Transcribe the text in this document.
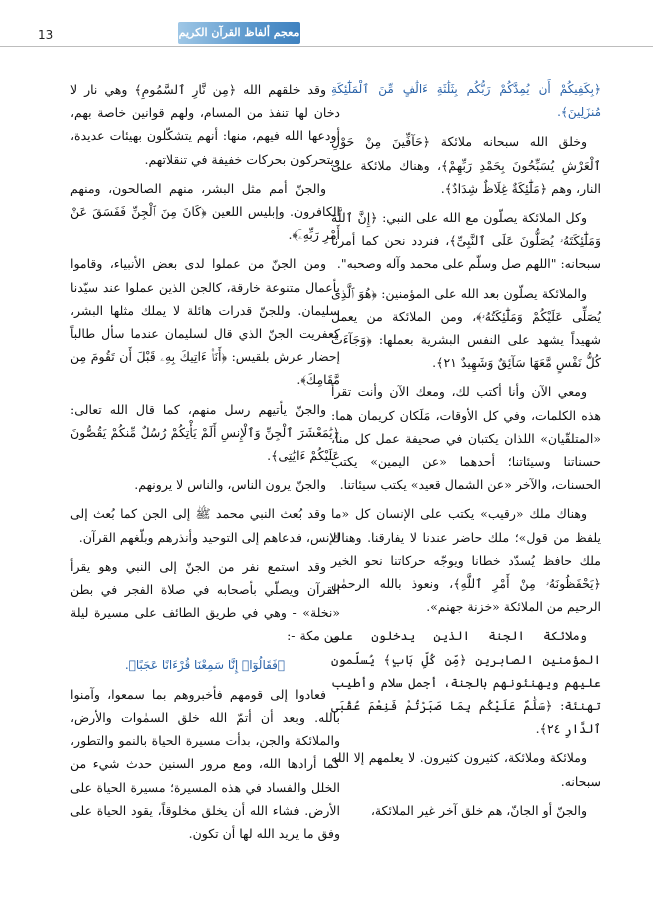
13	معجم ألفاظ القرآن الكريم

﴿بِكَفِيكُمْ أَن يُمِدَّكُمْ رَبُّكُم بِثَلَٰثَةِ ءَالَٰفٍ مِّنَ ٱلْمَلَٰٓئِكَةِ مُنزَلِينَ﴾.

وخلق الله سبحانه ملائكة ﴿حَآفِّينَ مِنْ حَوْلِ ٱلْعَرْشِ يُسَبِّحُونَ بِحَمْدِ رَبِّهِمْ﴾، وهناك ملائكة على النار، وهم ﴿مَلَٰٓئِكَةٌ غِلَاظٌ شِدَادٌ﴾.

وكل الملائكة يصلّون مع الله على النبي: ﴿إِنَّ ٱللَّهَ وَمَلَٰٓئِكَتَهُۥ يُصَلُّونَ عَلَى ٱلنَّبِىِّ﴾، فنردد نحن كما أمرنا سبحانه: "اللهم صل وسلّم على محمد وآله وصحبه".

والملائكة يصلّون بعد الله على المؤمنين: ﴿هُوَ ٱلَّذِى يُصَلِّى عَلَيْكُمْ وَمَلَٰٓئِكَتُهُۥ﴾، ومن الملائكة من يعمل شهيداً يشهد على النفس البشرية بعملها: ﴿وَجَآءَتْ كُلُّ نَفْسٍ مَّعَهَا سَآئِقٌ وَشَهِيدٌ ٢١﴾.

ومعي الآن وأنا أكتب لك، ومعك الآن وأنت تقرأ هذه الكلمات، وفي كل الأوقات، مَلَكان كريمان هما: «المتلقّيان» اللذان يكتبان في صحيفة عمل كل منا، حسناتنا وسيئاتنا؛ أحدهما «عن اليمين» يكتب الحسنات، والآخر «عن الشمال قعيد» يكتب سيئاتنا.

وهناك ملك «رقيب» يكتب على الإنسان كل «ما يلفظ من قول»؛ ملك حاضر عندنا لا يفارقنا. وهناك ملك حافظ يُسدّد خطانا ويوجّه حركاتنا نحو الخير ﴿يَحْفَظُونَهُۥ مِنْ أَمْرِ ٱللَّهِ﴾، ونعوذ بالله الرحمٰن الرحيم من الملائكة «خزنة جهنم».

وملائكة الجنة الذين يدخلون على المؤمنين الصابرين ﴿مِّن كُلِّ بَابٍ﴾ يُسلّمون عليهم ويهنئونهم بالجنة، أجمل سلام وأطيب تهنئة: ﴿سَلَٰمٌ عَلَيْكُم بِمَا صَبَرْتُمْ فَنِعْمَ عُقْبَى ٱلدَّارِ ٢٤﴾.

وملائكة وملائكة، كثيرون كثيرون. لا يعلمهم إلا الله سبحانه.

والجنّ أو الجانّ، هم خلق آخر غير الملائكة،

وقد خلقهم الله ﴿مِن نَّارِ ٱلسَّمُومِ﴾ وهي نار لا دخان لها تنفذ من المسام، ولهم قوانين خاصة بهم، أودعها الله فيهم، منها: أنهم يتشكّلون بهيئات عديدة، ويتحركون بحركات خفيفة في تنقلاتهم.

والجنّ أمم مثل البشر، منهم الصالحون، ومنهم الكافرون. وإبليس اللعين ﴿كَانَ مِنَ ٱلْجِنِّ فَفَسَقَ عَنْ أَمْرِ رَبِّهِۦٓ﴾.

ومن الجنّ من عملوا لدى بعض الأنبياء، وقاموا بأعمال متنوعة خارقة، كالجن الذين عملوا عند سيّدنا سليمان. وللجنّ قدرات هائلة لا يملك مثلها البشر، كعفريت الجنّ الذي قال لسليمان عندما سأل طالباً إحضار عرش بلقيس: ﴿أَنَا۠ ءَاتِيكَ بِهِۦ قَبْلَ أَن تَقُومَ مِن مَّقَامِكَ﴾.

والجنّ يأتيهم رسل منهم، كما قال الله تعالى: ﴿يَٰمَعْشَرَ ٱلْجِنِّ وَٱلْإِنسِ أَلَمْ يَأْتِكُمْ رُسُلٌ مِّنكُمْ يَقُصُّونَ عَلَيْكُمْ ءَايَٰتِى﴾.

والجنّ يرون الناس، والناس لا يرونهم.

وقد بُعث النبي محمد ﷺ إلى الجن كما بُعث إلى الإنس، فدعاهم إلى التوحيد وأنذرهم وبلّغهم القرآن.

وقد استمع نفر من الجنّ إلى النبي وهو يقرأ القرآن ويصلّي بأصحابه في صلاة الفجر في بطن «نخلة» - وهي في طريق الطائف على مسيرة ليلة من مكة -:

﴿فَقَالُوٓا۟ إِنَّا سَمِعْنَا قُرْءَانًا عَجَبًا﴾.

فعادوا إلى قومهم فأخبروهم بما سمعوا، وآمنوا بالله. وبعد أن أتمّ الله خلق السمٰوات والأرض، والملائكة والجن، بدأت مسيرة الحياة بالنمو والتطور، كما أرادها الله، ومع مرور السنين حدث شيء من الخلل والفساد في هذه المسيرة؛ مسيرة الحياة على الأرض. فشاء الله أن يخلق مخلوقاً، يقود الحياة على وفق ما يريد الله لها أن تكون.
